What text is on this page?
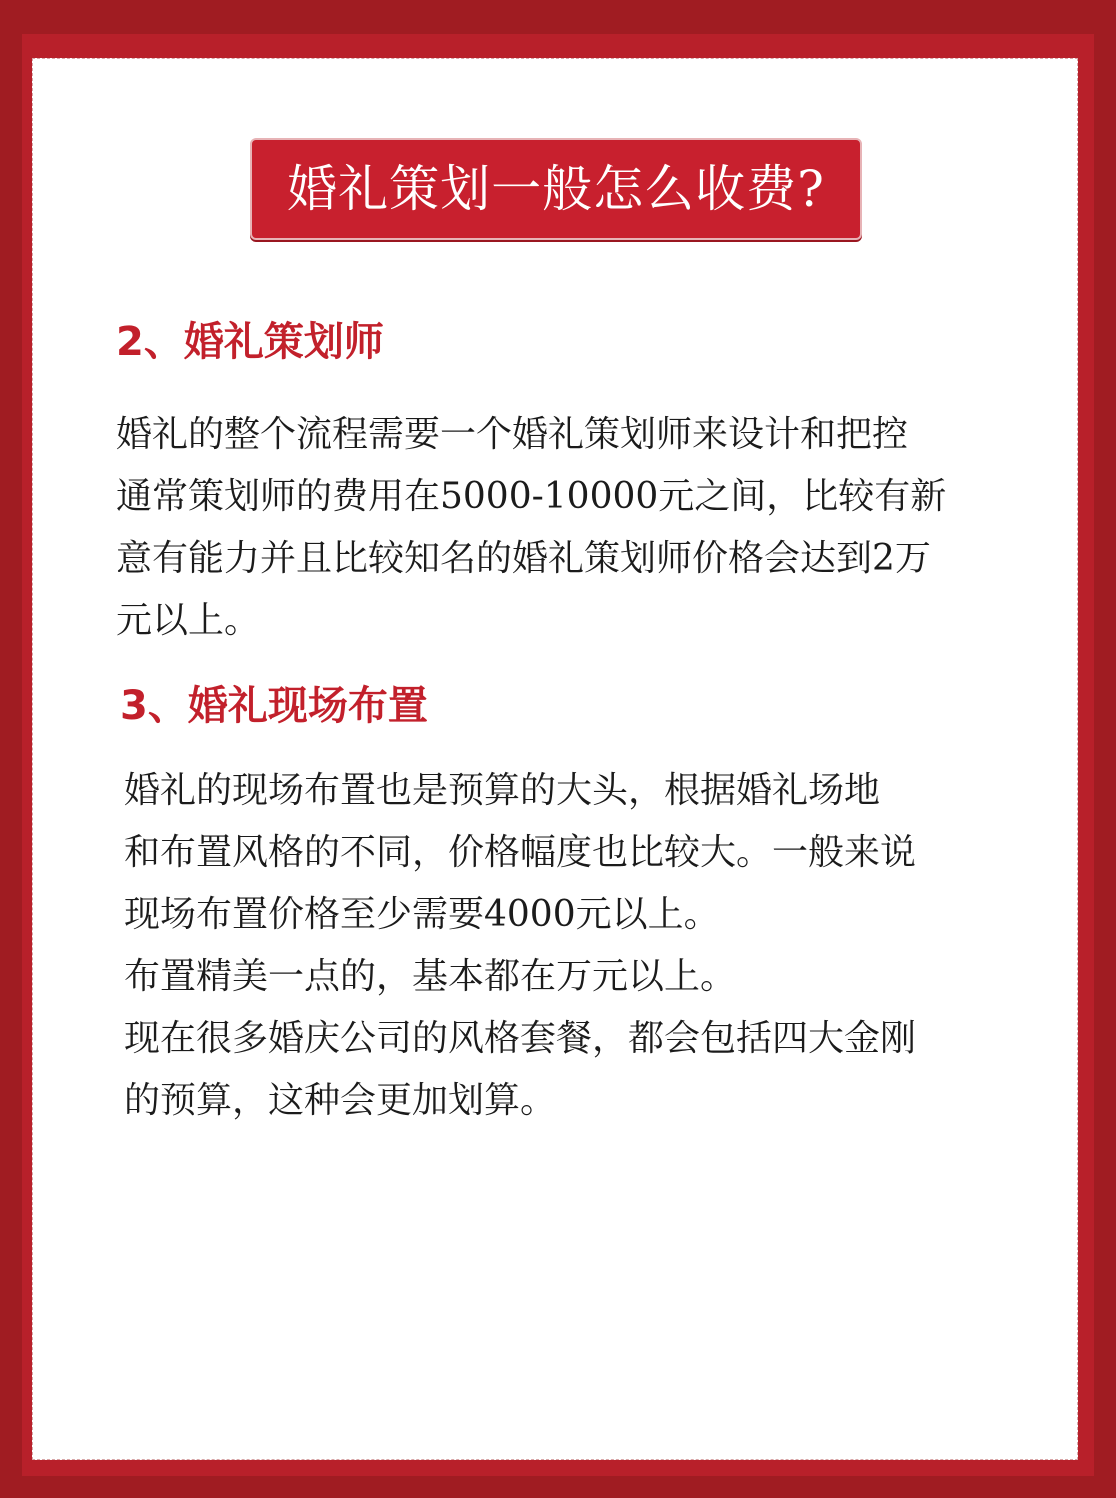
婚礼策划一般怎么收费?
2、婚礼策划师
婚礼的整个流程需要一个婚礼策划师来设计和把控
通常策划师的费用在5000-10000元之间，比较有新
意有能力并且比较知名的婚礼策划师价格会达到2万
元以上。
3、婚礼现场布置
婚礼的现场布置也是预算的大头，根据婚礼场地
和布置风格的不同，价格幅度也比较大。一般来说
现场布置价格至少需要4000元以上。
布置精美一点的，基本都在万元以上。
现在很多婚庆公司的风格套餐，都会包括四大金刚
的预算，这种会更加划算。
